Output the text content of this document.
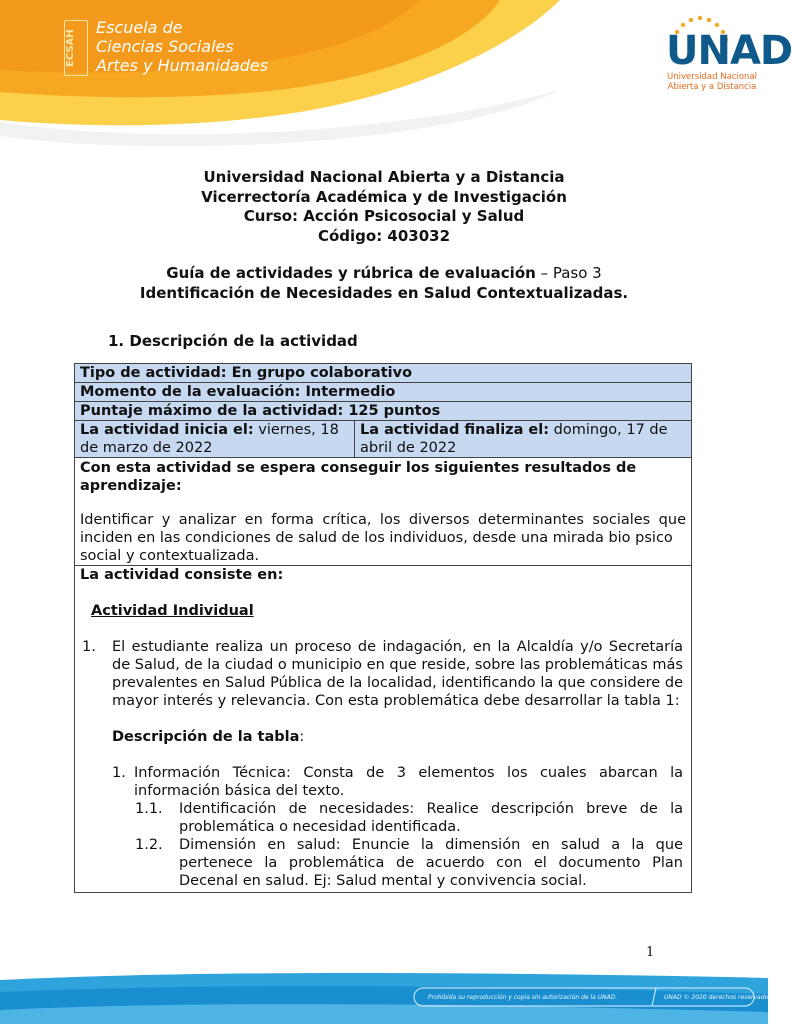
ECSAH
Escuela de
Ciencias Sociales
Artes y Humanidades	UNAD
Universidad Nacional
Abierta y a Distancia
Universidad Nacional Abierta y a Distancia
Vicerrectoría Académica y de Investigación
Curso: Acción Psicosocial y Salud
Código: 403032
Guía de actividades y rúbrica de evaluación – Paso 3
Identificación de Necesidades en Salud Contextualizadas.
1. Descripción de la actividad
Tipo de actividad: En grupo colaborativo
Momento de la evaluación: Intermedio
Puntaje máximo de la actividad: 125 puntos
La actividad inicia el: viernes, 18 de marzo de 2022	La actividad finaliza el: domingo, 17 de abril de 2022

Con esta actividad se espera conseguir los siguientes resultados de aprendizaje:
Identificar y analizar en forma crítica, los diversos determinantes sociales que inciden en las condiciones de salud de los individuos, desde una mirada bio psico
social y contextualizada.

La actividad consiste en:
Actividad Individual
1.	El estudiante realiza un proceso de indagación, en la Alcaldía y/o Secretaría de Salud, de la ciudad o municipio en que reside, sobre las problemáticas más prevalentes en Salud Pública de la localidad, identificando la que considere de mayor interés y relevancia. Con esta problemática debe desarrollar la tabla 1:
Descripción de la tabla:
1. Información Técnica: Consta de 3 elementos los cuales abarcan la información básica del texto.
1.1.	Identificación de necesidades: Realice descripción breve de la problemática o necesidad identificada.
1.2.	Dimensión en salud: Enuncie la dimensión en salud a la que pertenece la problemática de acuerdo con el documento Plan Decenal en salud. Ej: Salud mental y convivencia social.
1
Prohibida su reproducción y copia sin autorización de la UNAD.	UNAD © 2020 derechos reservados
